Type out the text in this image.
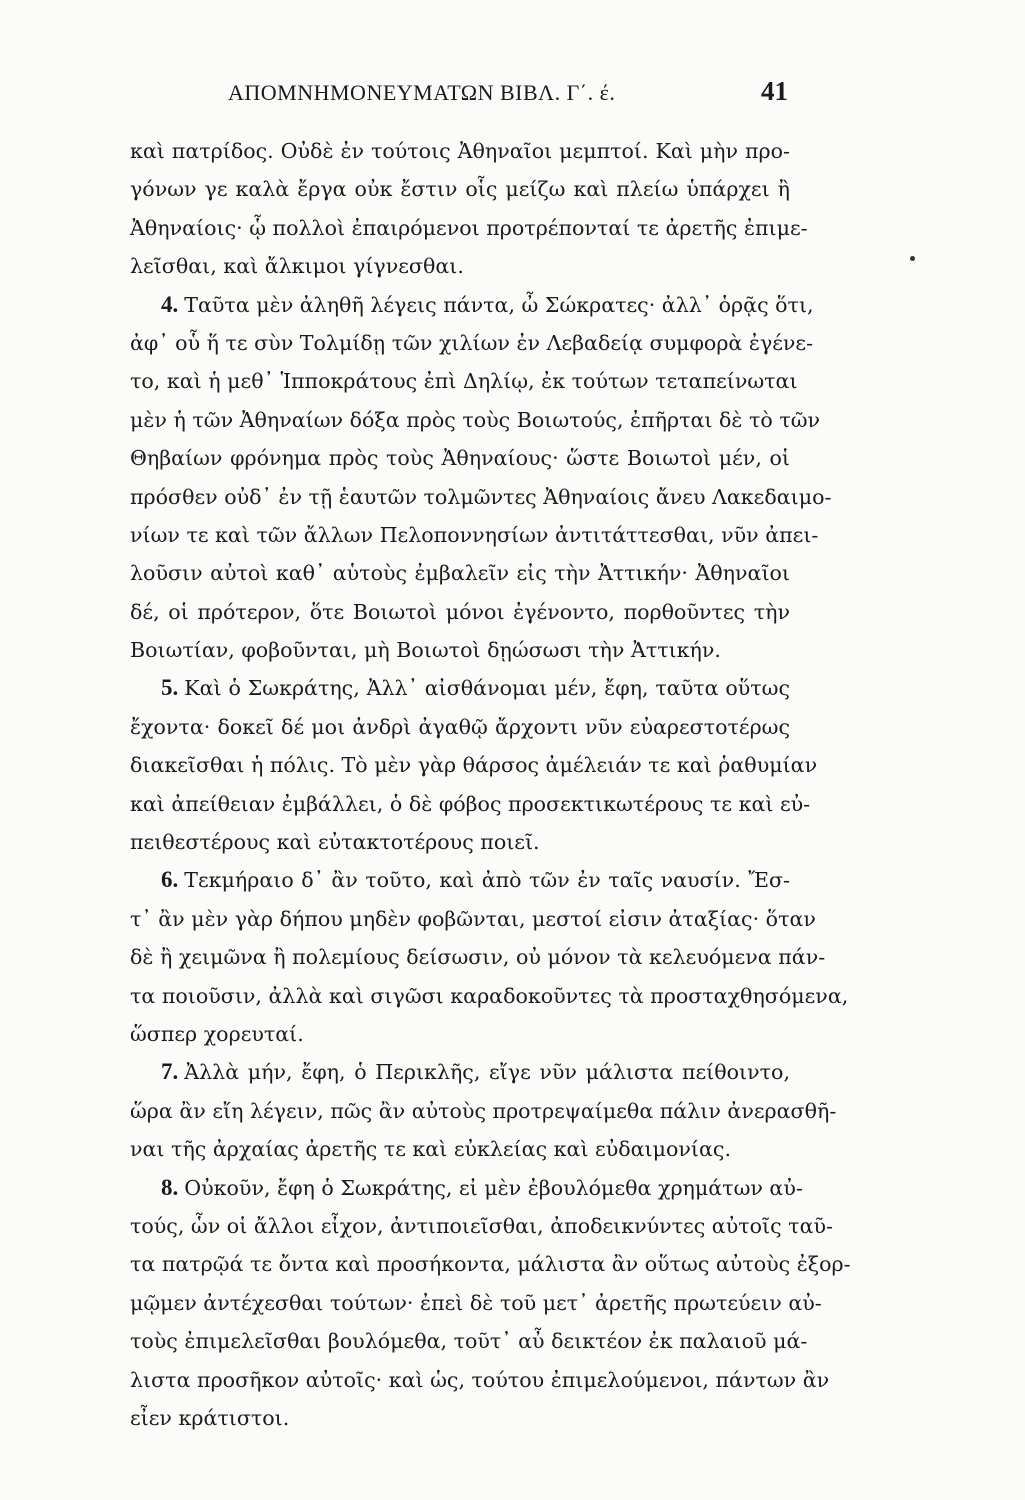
ΑΠΟΜΝΗΜΟΝΕΥΜΑΤΩΝ ΒΙΒΛ. Γ΄. έ.	41
καὶ πατρίδος. Οὐδὲ ἐν τούτοις Ἀθηναῖοι μεμπτοί. Καὶ μὴν προ-
γόνων γε καλὰ ἔργα οὐκ ἔστιν οἷς μείζω καὶ πλείω ὑπάρχει ἢ
Ἀθηναίοις· ᾧ πολλοὶ ἐπαιρόμενοι προτρέπονταί τε ἀρετῆς ἐπιμε-
λεῖσθαι, καὶ ἄλκιμοι γίγνεσθαι.
4. Ταῦτα μὲν ἀληθῆ λέγεις πάντα, ὦ Σώκρατες· ἀλλ᾽ ὁρᾷς ὅτι,
ἀφ᾽ οὗ ἥ τε σὺν Τολμίδῃ τῶν χιλίων ἐν Λεβαδείᾳ συμφορὰ ἐγένε-
το, καὶ ἡ μεθ᾽ Ἱπποκράτους ἐπὶ Δηλίῳ, ἐκ τούτων τεταπείνωται
μὲν ἡ τῶν Ἀθηναίων δόξα πρὸς τοὺς Βοιωτούς, ἐπῆρται δὲ τὸ τῶν
Θηβαίων φρόνημα πρὸς τοὺς Ἀθηναίους· ὥστε Βοιωτοὶ μέν, οἱ
πρόσθεν οὐδ᾽ ἐν τῇ ἑαυτῶν τολμῶντες Ἀθηναίοις ἄνευ Λακεδαιμο-
νίων τε καὶ τῶν ἄλλων Πελοποννησίων ἀντιτάττεσθαι, νῦν ἀπει-
λοῦσιν αὐτοὶ καθ᾽ αὑτοὺς ἐμβαλεῖν εἰς τὴν Ἀττικήν· Ἀθηναῖοι
δέ, οἱ πρότερον, ὅτε Βοιωτοὶ μόνοι ἐγένοντο, πορθοῦντες τὴν
Βοιωτίαν, φοβοῦνται, μὴ Βοιωτοὶ δῃώσωσι τὴν Ἀττικήν.
5. Καὶ ὁ Σωκράτης, Ἀλλ᾽ αἰσθάνομαι μέν, ἔφη, ταῦτα οὕτως
ἔχοντα· δοκεῖ δέ μοι ἀνδρὶ ἀγαθῷ ἄρχοντι νῦν εὐαρεστοτέρως
διακεῖσθαι ἡ πόλις. Τὸ μὲν γὰρ θάρσος ἀμέλειάν τε καὶ ῥαθυμίαν
καὶ ἀπείθειαν ἐμβάλλει, ὁ δὲ φόβος προσεκτικωτέρους τε καὶ εὐ-
πειθεστέρους καὶ εὐτακτοτέρους ποιεῖ.
6. Τεκμήραιο δ᾽ ἂν τοῦτο, καὶ ἀπὸ τῶν ἐν ταῖς ναυσίν. Ἔσ-
τ᾽ ἂν μὲν γὰρ δήπου μηδὲν φοβῶνται, μεστοί εἰσιν ἀταξίας· ὅταν
δὲ ἢ χειμῶνα ἢ πολεμίους δείσωσιν, οὐ μόνον τὰ κελευόμενα πάν-
τα ποιοῦσιν, ἀλλὰ καὶ σιγῶσι καραδοκοῦντες τὰ προσταχθησόμενα,
ὥσπερ χορευταί.
7. Ἀλλὰ μήν, ἔφη, ὁ Περικλῆς, εἴγε νῦν μάλιστα πείθοιντο,
ὥρα ἂν εἴη λέγειν, πῶς ἂν αὐτοὺς προτρεψαίμεθα πάλιν ἀνερασθῆ-
ναι τῆς ἀρχαίας ἀρετῆς τε καὶ εὐκλείας καὶ εὐδαιμονίας.
8. Οὐκοῦν, ἔφη ὁ Σωκράτης, εἰ μὲν ἐβουλόμεθα χρημάτων αὐ-
τούς, ὧν οἱ ἄλλοι εἶχον, ἀντιποιεῖσθαι, ἀποδεικνύντες αὐτοῖς ταῦ-
τα πατρῷά τε ὄντα καὶ προσήκοντα, μάλιστα ἂν οὕτως αὐτοὺς ἐξορ-
μῷμεν ἀντέχεσθαι τούτων· ἐπεὶ δὲ τοῦ μετ᾽ ἀρετῆς πρωτεύειν αὐ-
τοὺς ἐπιμελεῖσθαι βουλόμεθα, τοῦτ᾽ αὖ δεικτέον ἐκ παλαιοῦ μά-
λιστα προσῆκον αὐτοῖς· καὶ ὡς, τούτου ἐπιμελούμενοι, πάντων ἂν
εἶεν κράτιστοι.
